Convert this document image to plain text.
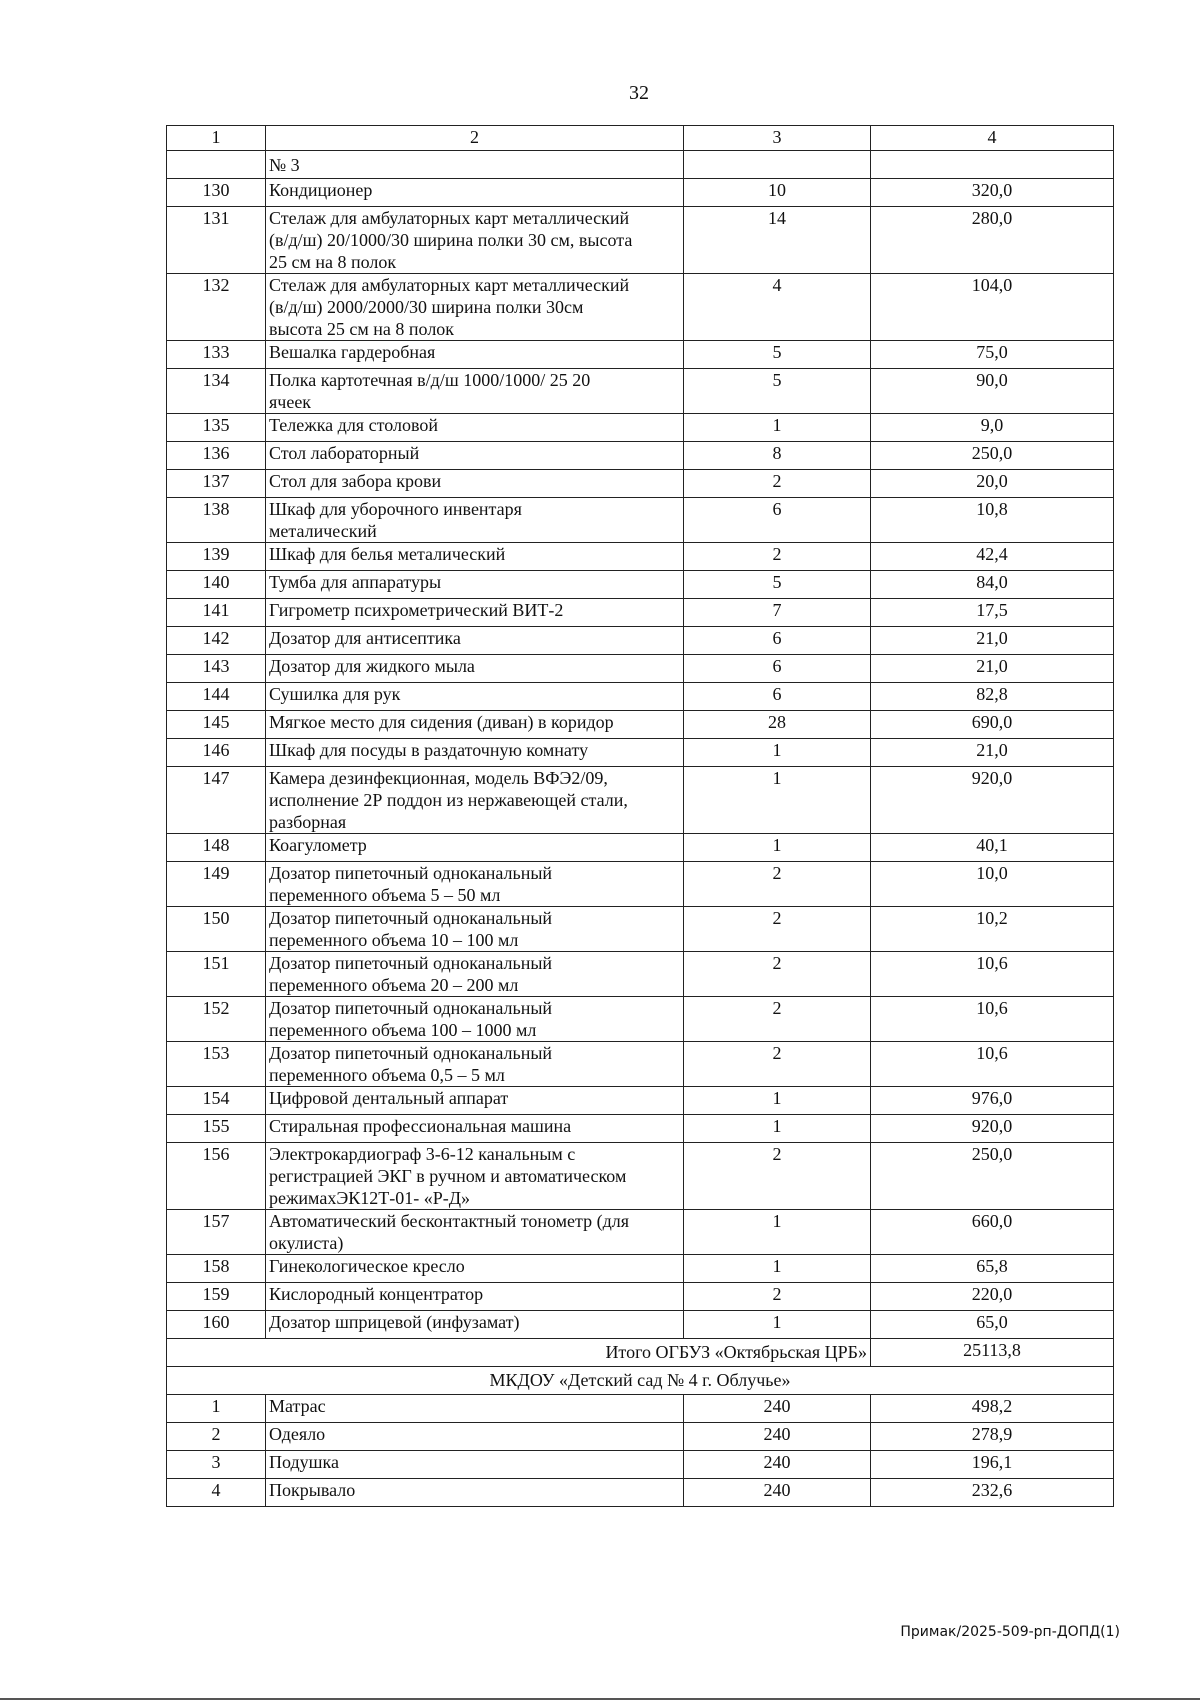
32
1	2	3	4
	№ 3		
130	Кондиционер	10	320,0
131	Стелаж для амбулаторных карт металлический
(в/д/ш) 20/1000/30 ширина полки 30 см, высота
25 см на 8 полок	14	280,0
132	Стелаж для амбулаторных карт металлический
(в/д/ш) 2000/2000/30 ширина полки 30см
высота 25 см на 8 полок	4	104,0
133	Вешалка гардеробная	5	75,0
134	Полка картотечная в/д/ш 1000/1000/ 25 20
ячеек	5	90,0
135	Тележка для столовой	1	9,0
136	Стол лабораторный	8	250,0
137	Стол для забора крови	2	20,0
138	Шкаф для уборочного инвентаря
металический	6	10,8
139	Шкаф для белья металический	2	42,4
140	Тумба для аппаратуры	5	84,0
141	Гигрометр психрометрический ВИТ-2	7	17,5
142	Дозатор для антисептика	6	21,0
143	Дозатор для жидкого мыла	6	21,0
144	Сушилка для рук	6	82,8
145	Мягкое место для сидения (диван) в коридор	28	690,0
146	Шкаф для посуды в раздаточную комнату	1	21,0
147	Камера дезинфекционная, модель ВФЭ2/09,
исполнение 2Р поддон из нержавеющей стали,
разборная	1	920,0
148	Коагулометр	1	40,1
149	Дозатор пипеточный одноканальный
переменного объема 5 – 50 мл	2	10,0
150	Дозатор пипеточный одноканальный
переменного объема 10 – 100 мл	2	10,2
151	Дозатор пипеточный одноканальный
переменного объема 20 – 200 мл	2	10,6
152	Дозатор пипеточный одноканальный
переменного объема 100 – 1000 мл	2	10,6
153	Дозатор пипеточный одноканальный
переменного объема 0,5 – 5 мл	2	10,6
154	Цифровой дентальный аппарат	1	976,0
155	Стиральная профессиональная машина	1	920,0
156	Электрокардиограф 3-6-12 канальным с
регистрацией ЭКГ в ручном и автоматическом
режимахЭК12Т-01- «Р-Д»	2	250,0
157	Автоматический бесконтактный тонометр (для
окулиста)	1	660,0
158	Гинекологическое кресло	1	65,8
159	Кислородный концентратор	2	220,0
160	Дозатор шприцевой (инфузамат)	1	65,0
Итого ОГБУЗ «Октябрьская ЦРБ»			25113,8
МКДОУ «Детский сад № 4 г. Облучье»			
1	Матрас	240	498,2
2	Одеяло	240	278,9
3	Подушка	240	196,1
4	Покрывало	240	232,6
Примак/2025-509-рп-ДОПД(1)
